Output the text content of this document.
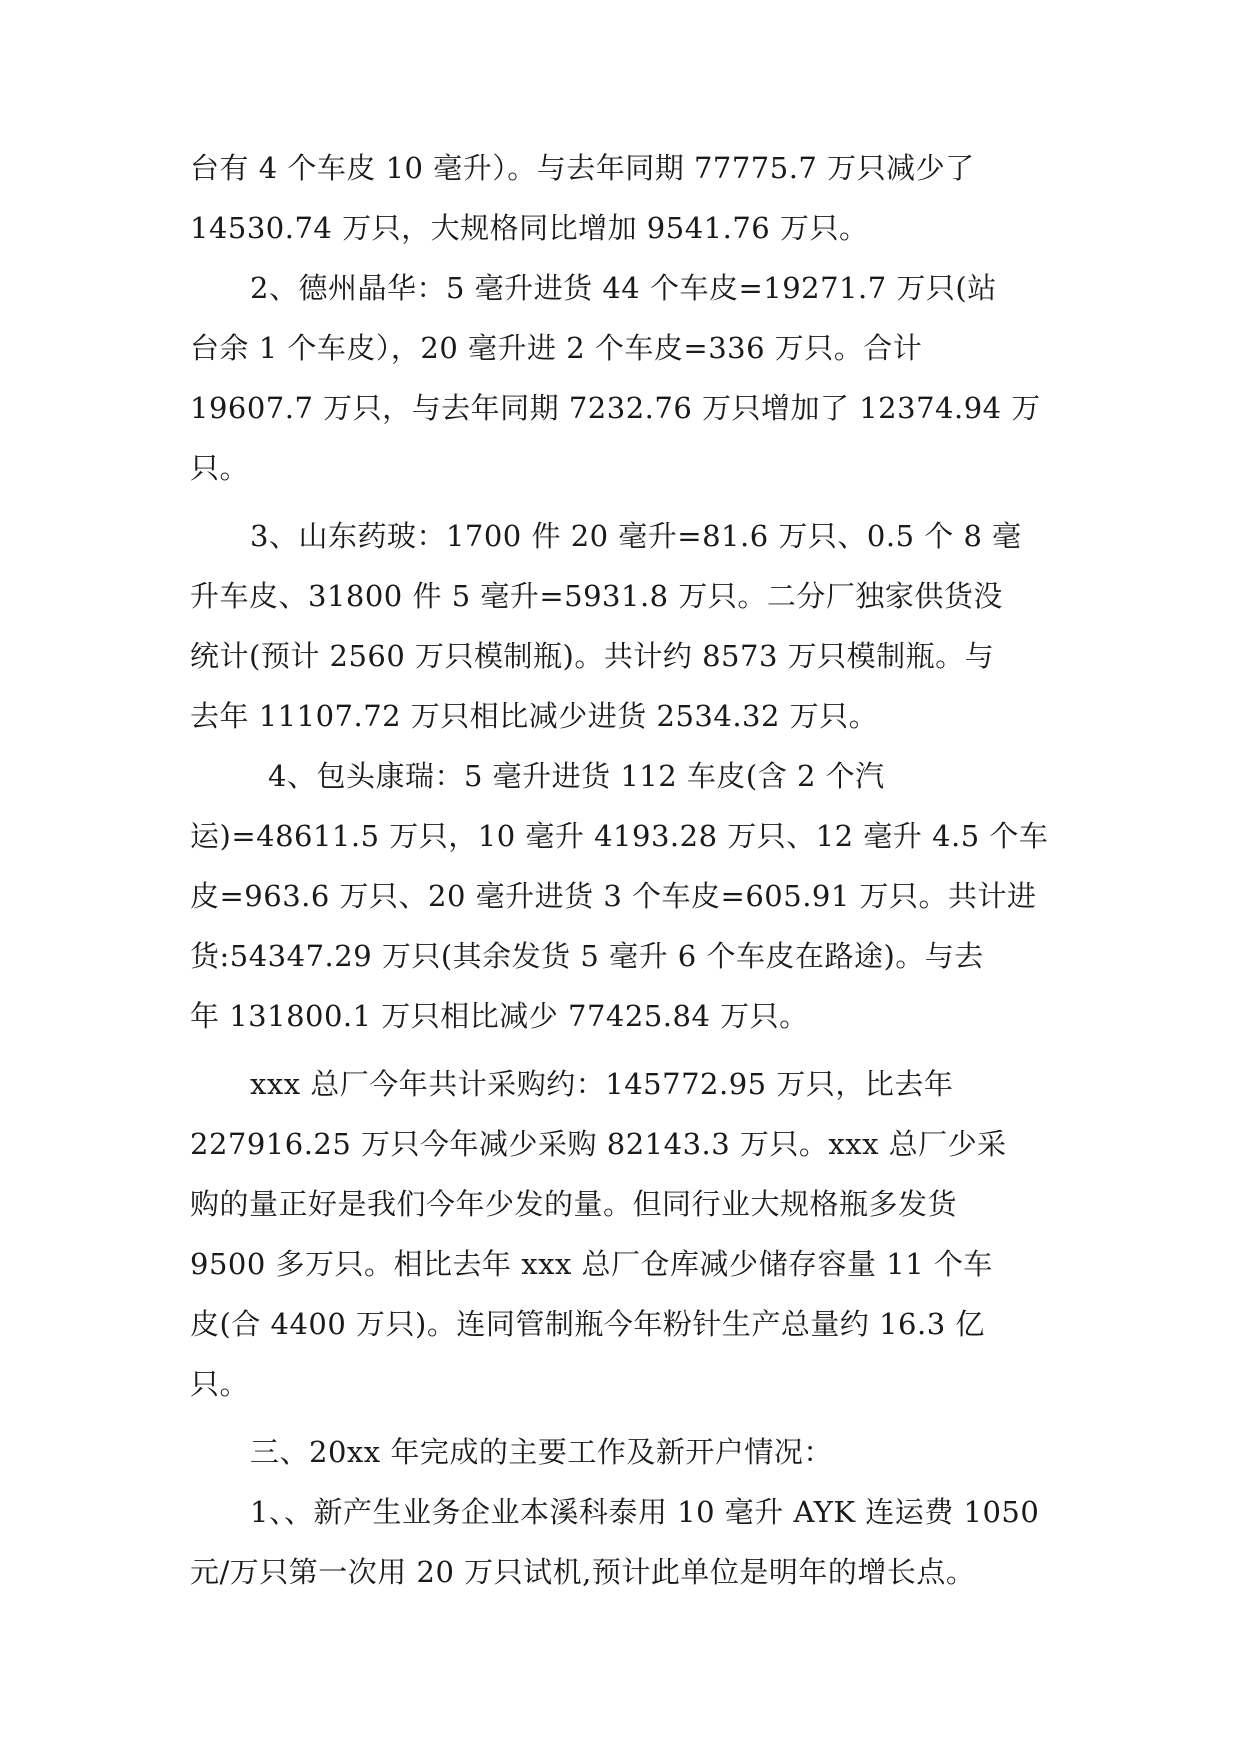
台有 4 个车皮 10 毫升）。与去年同期 77775.7 万只减少了
14530.74 万只，大规格同比增加 9541.76 万只。
2、德州晶华：5 毫升进货 44 个车皮=19271.7 万只(站
台余 1 个车皮），20 毫升进 2 个车皮=336 万只。合计
19607.7 万只，与去年同期 7232.76 万只增加了 12374.94 万
只。
3、山东药玻：1700 件 20 毫升=81.6 万只、0.5 个 8 毫
升车皮、31800 件 5 毫升=5931.8 万只。二分厂独家供货没
统计(预计 2560 万只模制瓶)。共计约 8573 万只模制瓶。与
去年 11107.72 万只相比减少进货 2534.32 万只。
4、包头康瑞：5 毫升进货 112 车皮(含 2 个汽
运)=48611.5 万只，10 毫升 4193.28 万只、12 毫升 4.5 个车
皮=963.6 万只、20 毫升进货 3 个车皮=605.91 万只。共计进
货:54347.29 万只(其余发货 5 毫升 6 个车皮在路途)。与去
年 131800.1 万只相比减少 77425.84 万只。
xxx 总厂今年共计采购约：145772.95 万只，比去年
227916.25 万只今年减少采购 82143.3 万只。xxx 总厂少采
购的量正好是我们今年少发的量。但同行业大规格瓶多发货
9500 多万只。相比去年 xxx 总厂仓库减少储存容量 11 个车
皮(合 4400 万只)。连同管制瓶今年粉针生产总量约 16.3 亿
只。
三、20xx 年完成的主要工作及新开户情况：
1、、新产生业务企业本溪科泰用 10 毫升 AYK 连运费 1050
元/万只第一次用 20 万只试机,预计此单位是明年的增长点。
